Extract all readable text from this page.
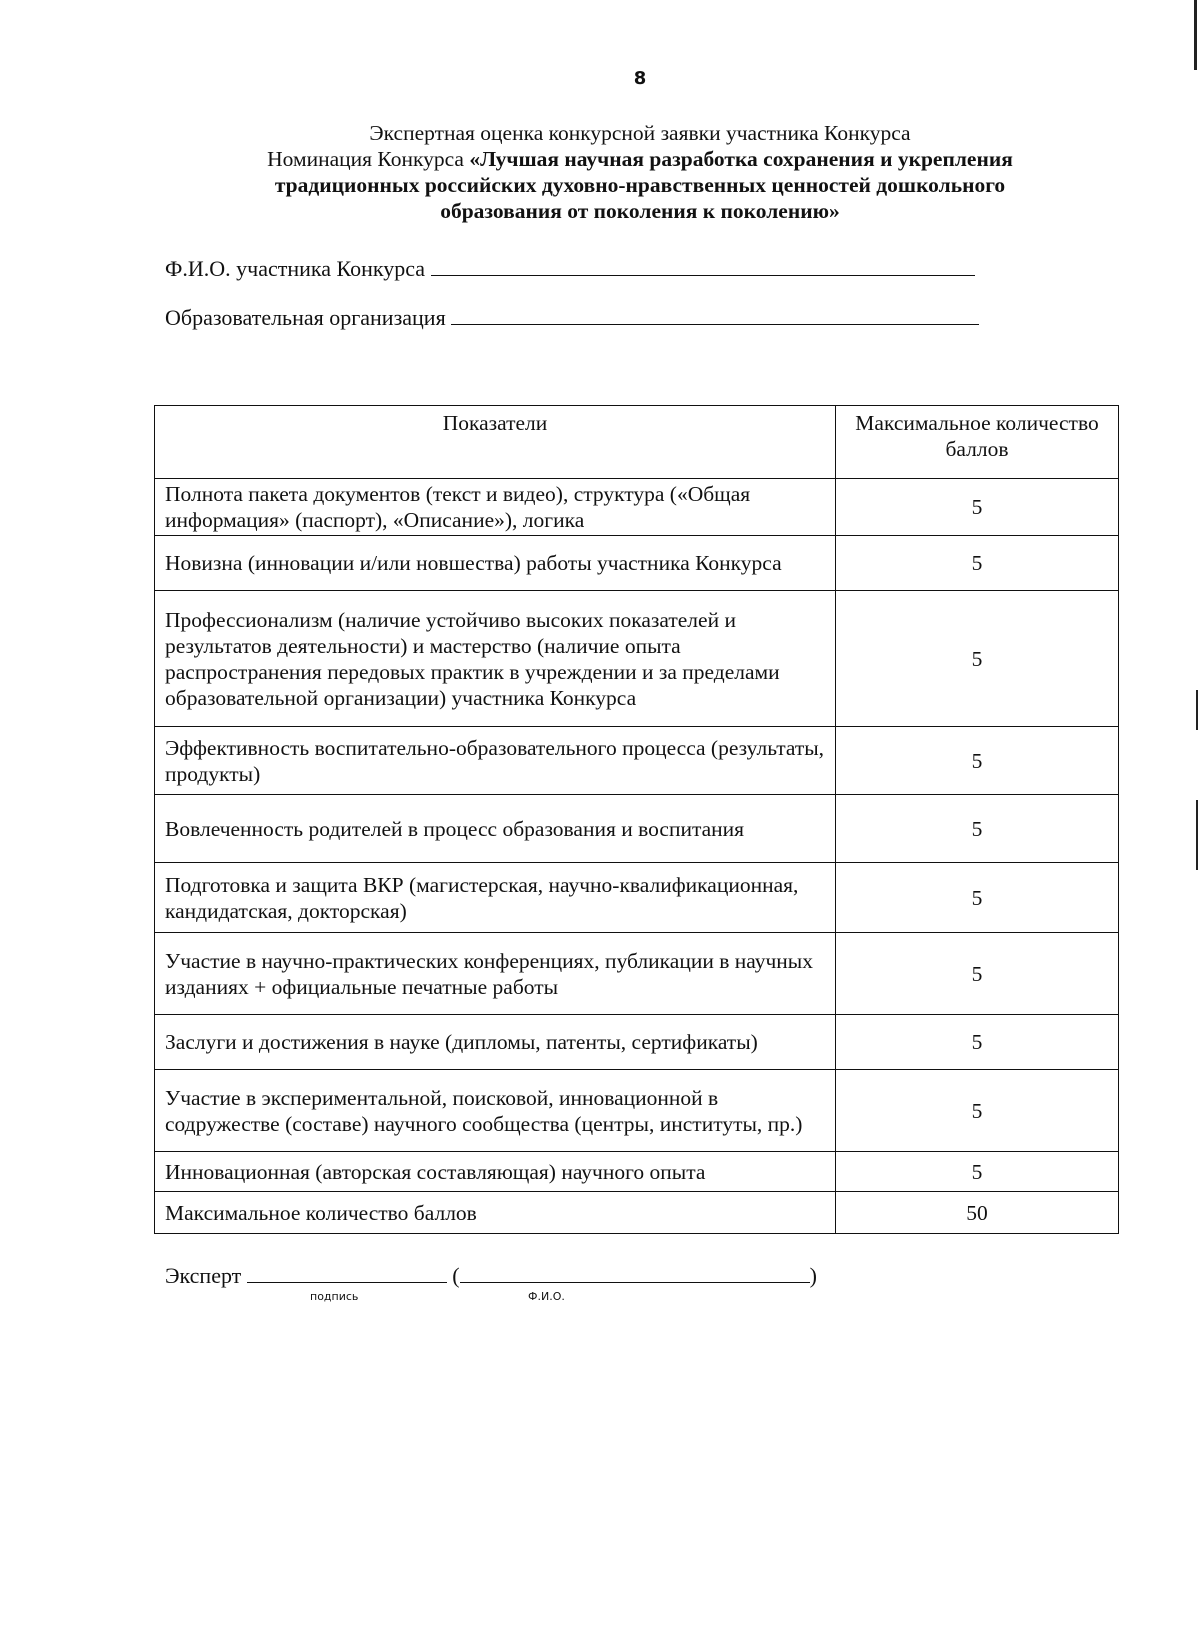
8
Экспертная оценка конкурсной заявки участника Конкурса
Номинация Конкурса «Лучшая научная разработка сохранения и укрепления
традиционных российских духовно-нравственных ценностей дошкольного
образования от поколения к поколению»
Ф.И.О. участника Конкурса
Образовательная организация
Показатели	Максимальное количество баллов
Полнота пакета документов (текст и видео), структура («Общая информация» (паспорт), «Описание»), логика	5
Новизна (инновации и/или новшества) работы участника Конкурса	5
Профессионализм (наличие устойчиво высоких показателей и результатов деятельности) и мастерство (наличие опыта распространения передовых практик в учреждении и за пределами образовательной организации) участника Конкурса	5
Эффективность воспитательно-образовательного процесса (результаты, продукты)	5
Вовлеченность родителей в процесс образования и воспитания	5
Подготовка и защита ВКР (магистерская, научно-квалификационная, кандидатская, докторская)	5
Участие в научно-практических конференциях, публикации в научных изданиях + официальные печатные работы	5
Заслуги и достижения в науке (дипломы, патенты, сертификаты)	5
Участие в экспериментальной, поисковой, инновационной в содружестве (составе) научного сообщества (центры, институты, пр.)	5
Инновационная (авторская составляющая) научного опыта	5
Максимальное количество баллов	50
Эксперт	(	)
подпись	Ф.И.О.
